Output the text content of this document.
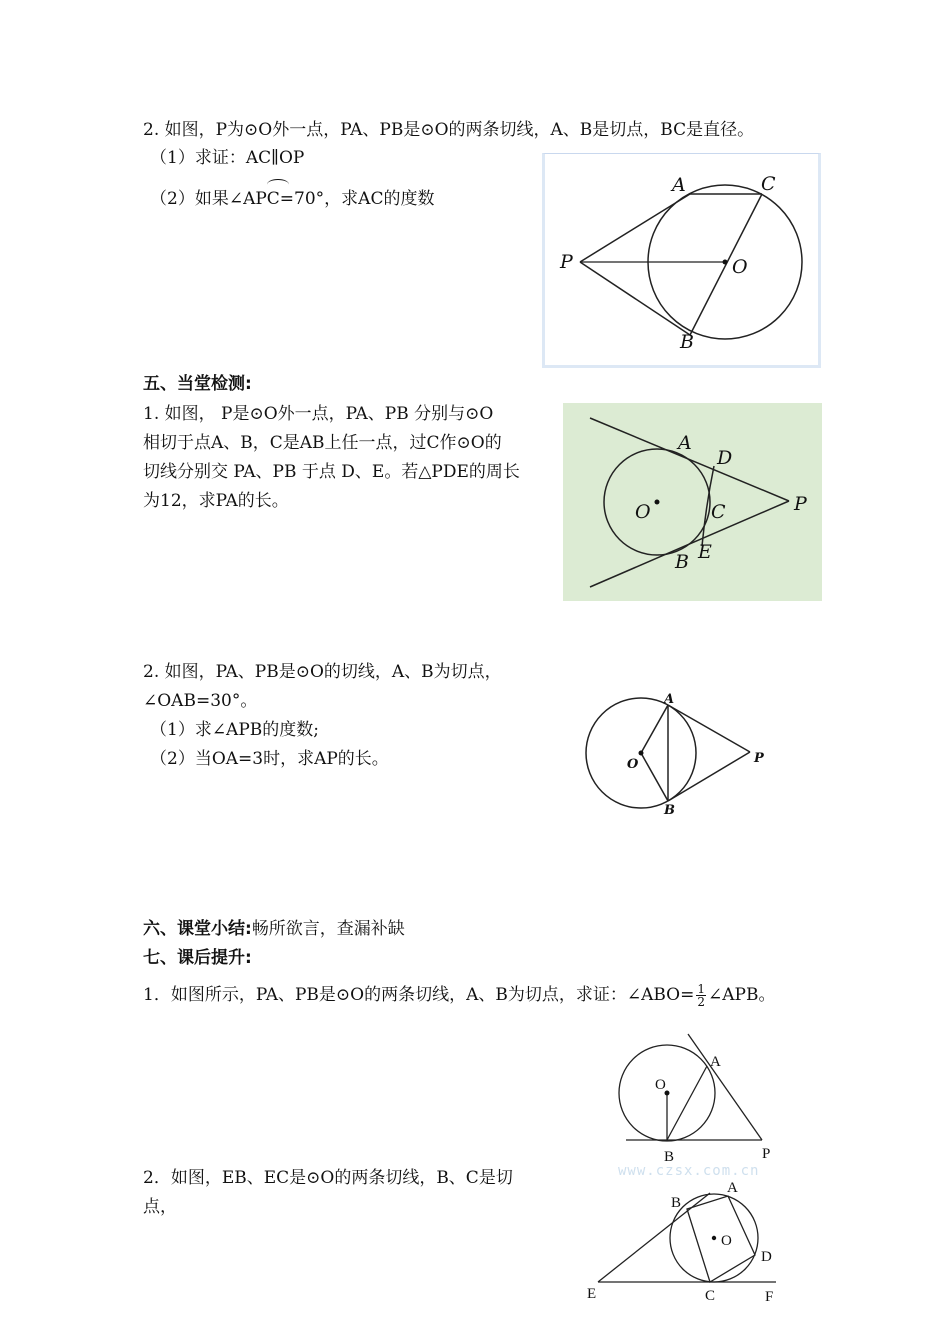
2. 如图，P为⊙O外一点，PA、PB是⊙O的两条切线，A、B是切点，BC是直径。
（1）求证：AC∥OP
（2）如果∠
APC=70°，求AC的度数
A	C
P	O
B
五、当堂检测:
1. 如图， P是⊙O外一点，PA、PB 分别与⊙O
相切于点A、B，C是AB上任一点，过C作⊙O的
切线分别交 PA、PB 于点 D、E。若△PDE的周长
为12，求PA的长。
A
D
O	C	P
B E
2. 如图，PA、PB是⊙O的切线，A、B为切点，
∠OAB=30°。
（1）求∠APB的度数;
（2）当OA=3时，求AP的长。
A
O	P
B
六、课堂小结:畅所欲言，查漏补缺
七、课后提升:
1．如图所示，PA、PB是⊙O的两条切线，A、B为切点，求证：∠ABO= $\frac{1}{2}$ ∠APB。
O
A
B	P
www.czsx.com.cn
2．如图，EB、EC是⊙O的两条切线，B、C是切
点，	B
A
O
D
E	C	F
